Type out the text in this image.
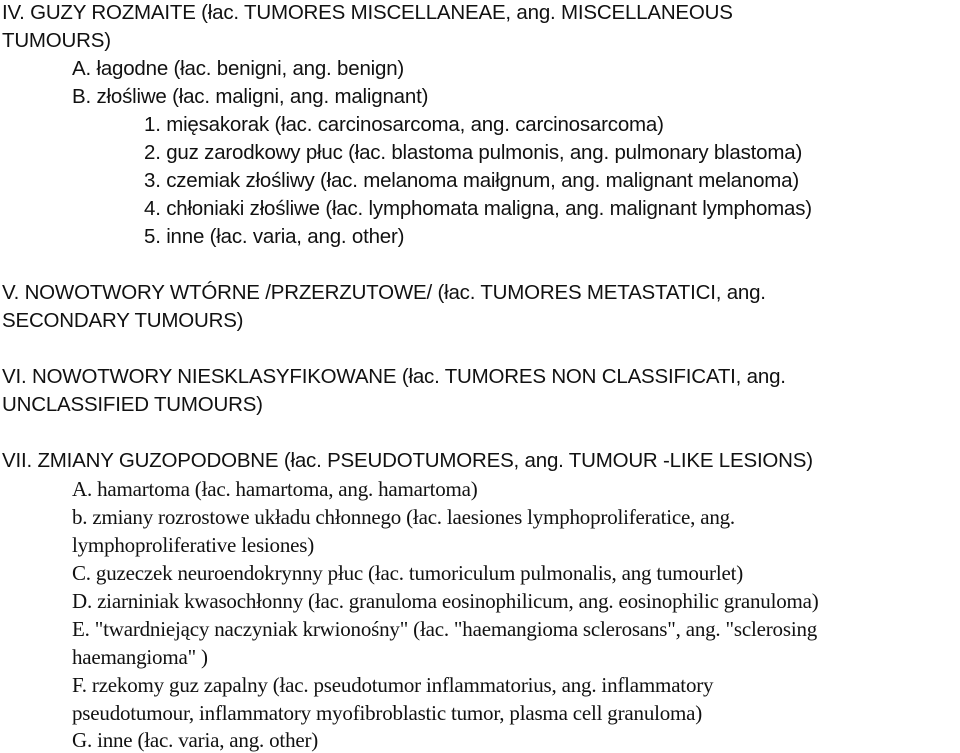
IV. GUZY ROZMAITE (łac. TUMORES MISCELLANEAE, ang. MISCELLANEOUS
TUMOURS)
A. łagodne (łac. benigni, ang. benign)
B. złośliwe (łac. maligni, ang. malignant)
1. mięsakorak (łac. carcinosarcoma, ang. carcinosarcoma)
2. guz zarodkowy płuc (łac. blastoma pulmonis, ang. pulmonary blastoma)
3. czemiak złośliwy (łac. melanoma maiłgnum, ang. malignant melanoma)
4. chłoniaki złośliwe (łac. lymphomata maligna, ang. malignant lymphomas)
5. inne (łac. varia, ang. other)
V. NOWOTWORY WTÓRNE /PRZERZUTOWE/ (łac. TUMORES METASTATICI, ang.
SECONDARY TUMOURS)
VI. NOWOTWORY NIESKLASYFIKOWANE (łac. TUMORES NON CLASSIFICATI, ang.
UNCLASSIFIED TUMOURS)
VII. ZMIANY GUZOPODOBNE (łac. PSEUDOTUMORES, ang. TUMOUR -LIKE LESIONS)
A. hamartoma (łac. hamartoma, ang. hamartoma)
b. zmiany rozrostowe układu chłonnego (łac. laesiones lymphoproliferatice, ang.
lymphoproliferative lesiones)
C. guzeczek neuroendokrynny płuc (łac. tumoriculum pulmonalis, ang tumourlet)
D. ziarniniak kwasochłonny (łac. granuloma eosinophilicum, ang. eosinophilic granuloma)
E. "twardniejący naczyniak krwionośny" (łac. "haemangioma sclerosans", ang. "sclerosing
haemangioma" )
F. rzekomy guz zapalny (łac. pseudotumor inflammatorius, ang. inflammatory
pseudotumour, inflammatory myofibroblastic tumor, plasma cell granuloma)
G. inne (łac. varia, ang. other)
